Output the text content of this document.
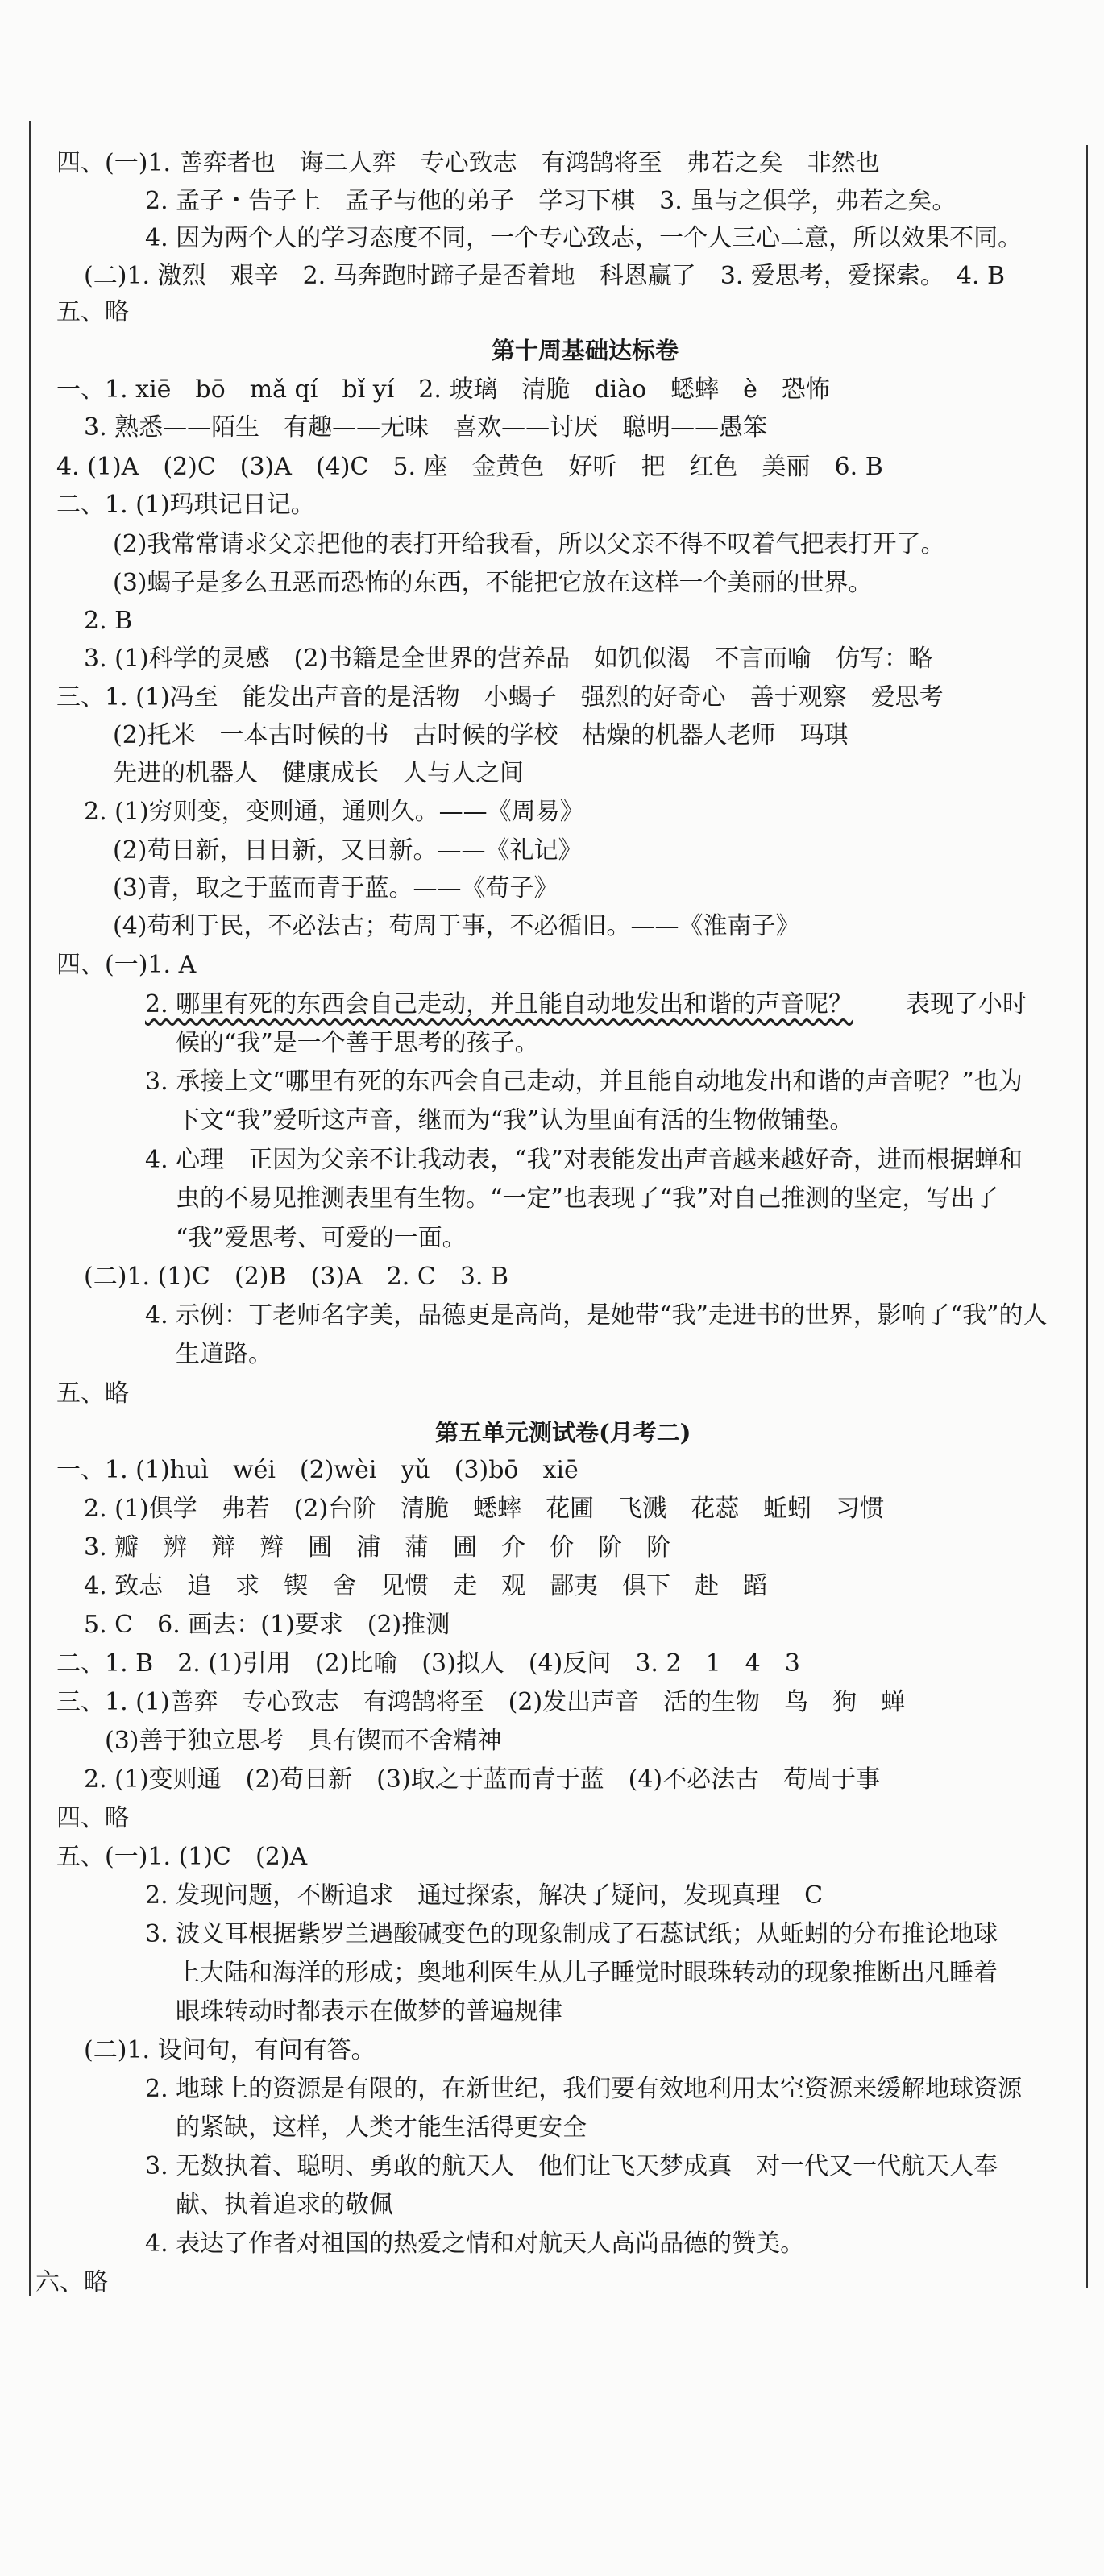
四、(一)1. 善弈者也　诲二人弈　专心致志　有鸿鹄将至　弗若之矣　非然也
2. 孟子・告子上　孟子与他的弟子　学习下棋　3. 虽与之俱学，弗若之矣。
4. 因为两个人的学习态度不同，一个专心致志，一个人三心二意，所以效果不同。
(二)1. 激烈　艰辛　2. 马奔跑时蹄子是否着地　科恩赢了　3. 爱思考，爱探索。　4. B
五、略
第十周基础达标卷
一、1. xiē　bō　mǎ qí　bǐ yí　2. 玻璃　清脆　diào　蟋蟀　è　恐怖
3. 熟悉——陌生　有趣——无味　喜欢——讨厌　聪明——愚笨
4. (1)A　(2)C　(3)A　(4)C　5. 座　金黄色　好听　把　红色　美丽　6. B
二、1. (1)玛琪记日记。
(2)我常常请求父亲把他的表打开给我看，所以父亲不得不叹着气把表打开了。
(3)蝎子是多么丑恶而恐怖的东西，不能把它放在这样一个美丽的世界。
2. B
3. (1)科学的灵感　(2)书籍是全世界的营养品　如饥似渴　不言而喻　仿写：略
三、1. (1)冯至　能发出声音的是活物　小蝎子　强烈的好奇心　善于观察　爱思考
(2)托米　一本古时候的书　古时候的学校　枯燥的机器人老师　玛琪
先进的机器人　健康成长　人与人之间
2. (1)穷则变，变则通，通则久。——《周易》
(2)苟日新，日日新，又日新。——《礼记》
(3)青，取之于蓝而青于蓝。——《荀子》
(4)苟利于民，不必法古；苟周于事，不必循旧。——《淮南子》
四、(一)1. A
2. 哪里有死的东西会自己走动，并且能自动地发出和谐的声音呢？ 表现了小时
候的“我”是一个善于思考的孩子。
3. 承接上文“哪里有死的东西会自己走动，并且能自动地发出和谐的声音呢？”也为
下文“我”爱听这声音，继而为“我”认为里面有活的生物做铺垫。
4. 心理　正因为父亲不让我动表，“我”对表能发出声音越来越好奇，进而根据蝉和
虫的不易见推测表里有生物。“一定”也表现了“我”对自己推测的坚定，写出了
“我”爱思考、可爱的一面。
(二)1. (1)C　(2)B　(3)A　2. C　3. B
4. 示例：丁老师名字美，品德更是高尚，是她带“我”走进书的世界，影响了“我”的人
生道路。
五、略
第五单元测试卷(月考二)
一、1. (1)huì　wéi　(2)wèi　yǔ　(3)bō　xiē
2. (1)俱学　弗若　(2)台阶　清脆　蟋蟀　花圃　飞溅　花蕊　蚯蚓　习惯
3. 瓣　辨　辩　辫　圃　浦　蒲　圃　介　价　阶　阶
4. 致志　追　求　锲　舍　见惯　走　观　鄙夷　俱下　赴　蹈
5. C　6. 画去：(1)要求　(2)推测
二、1. B　2. (1)引用　(2)比喻　(3)拟人　(4)反问　3. 2　1　4　3
三、1. (1)善弈　专心致志　有鸿鹄将至　(2)发出声音　活的生物　鸟　狗　蝉
(3)善于独立思考　具有锲而不舍精神
2. (1)变则通　(2)苟日新　(3)取之于蓝而青于蓝　(4)不必法古　苟周于事
四、略
五、(一)1. (1)C　(2)A
2. 发现问题，不断追求　通过探索，解决了疑问，发现真理　C
3. 波义耳根据紫罗兰遇酸碱变色的现象制成了石蕊试纸；从蚯蚓的分布推论地球
上大陆和海洋的形成；奥地利医生从儿子睡觉时眼珠转动的现象推断出凡睡着
眼珠转动时都表示在做梦的普遍规律
(二)1. 设问句，有问有答。
2. 地球上的资源是有限的，在新世纪，我们要有效地利用太空资源来缓解地球资源
的紧缺，这样，人类才能生活得更安全
3. 无数执着、聪明、勇敢的航天人　他们让飞天梦成真　对一代又一代航天人奉
献、执着追求的敬佩
4. 表达了作者对祖国的热爱之情和对航天人高尚品德的赞美。
六、略
